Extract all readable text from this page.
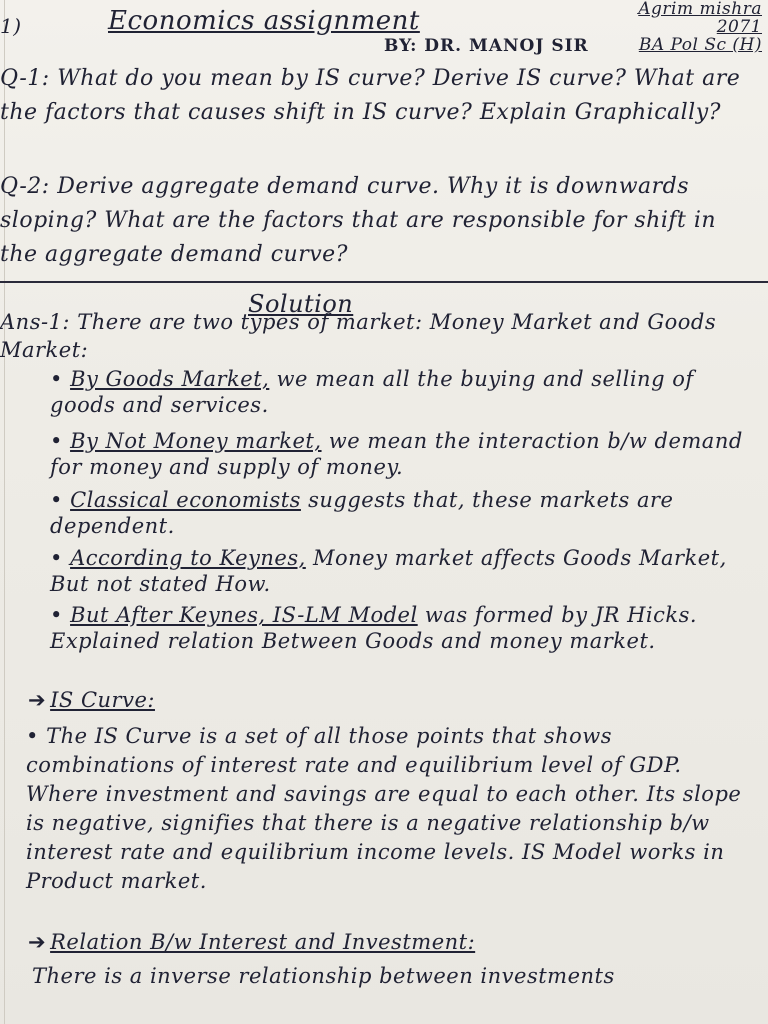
1)	Economics assignment
BY: DR. MANOJ SIR
Agrim mishra
2071
BA Pol Sc (H)
Q-1: What do you mean by IS curve? Derive IS curve? What are the factors that causes shift in IS curve? Explain Graphically?
Q-2: Derive aggregate demand curve. Why it is downwards sloping? What are the factors that are responsible for shift in the aggregate demand curve?
Solution
Ans-1: There are two types of market: Money Market and Goods Market:
• By Goods Market, we mean all the buying and selling of goods and services.
• By Not Money market, we mean the interaction b/w demand for money and supply of money.
• Classical economists suggests that, these markets are dependent.
• According to Keynes, Money market affects Goods Market, But not stated How.
• But After Keynes, IS-LM Model was formed by JR Hicks. Explained relation Between Goods and money market.
➔ IS Curve:
• The IS Curve is a set of all those points that shows combinations of interest rate and equilibrium level of GDP. Where investment and savings are equal to each other. Its slope is negative, signifies that there is a negative relationship b/w interest rate and equilibrium income levels. IS Model works in Product market.
➔ Relation B/w Interest and Investment:
There is a inverse relationship between investments
